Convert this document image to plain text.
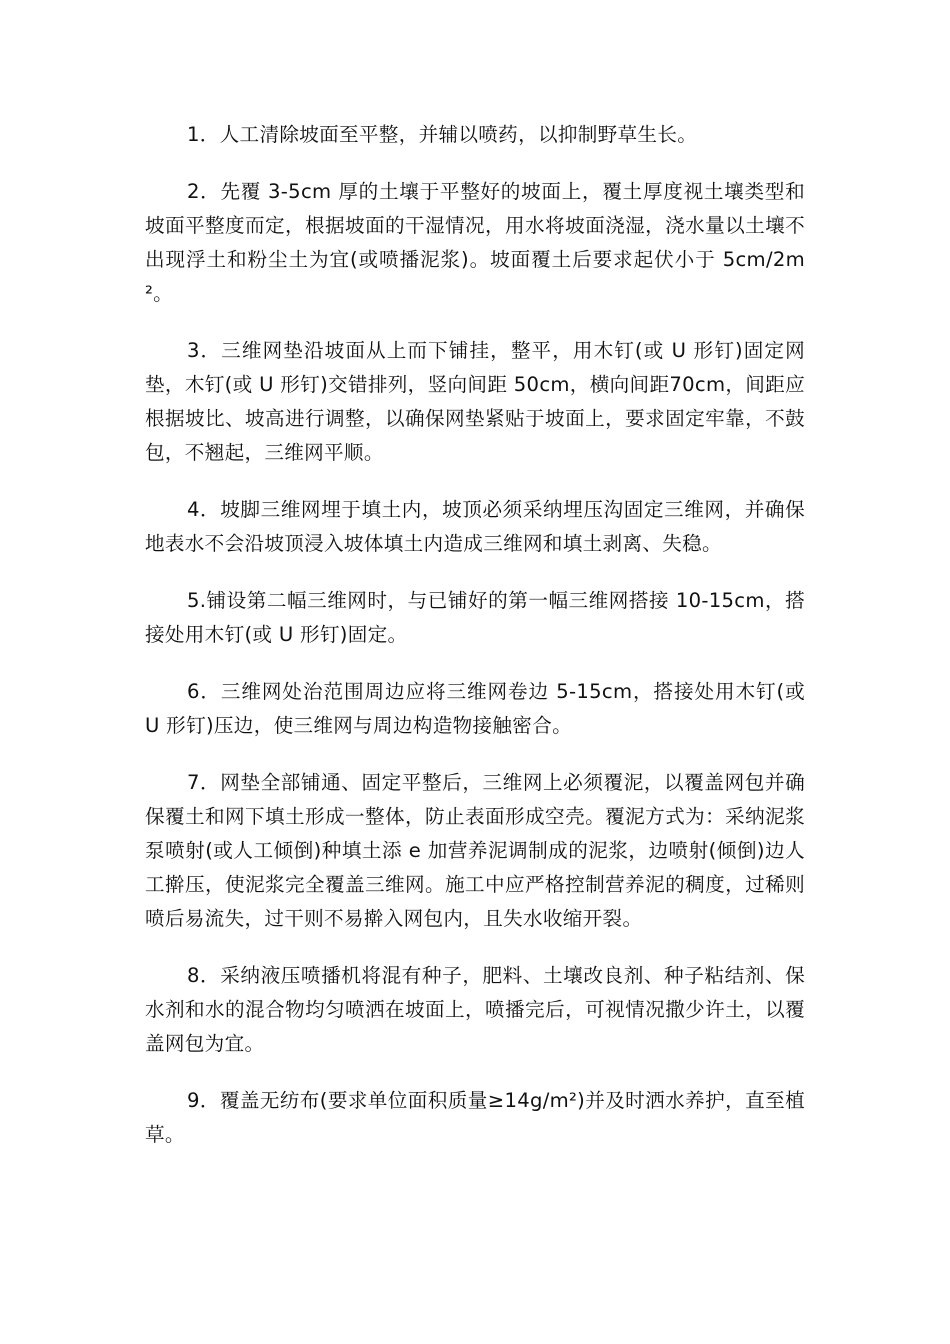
1．人工清除坡面至平整，并辅以喷药，以抑制野草生长。

2．先覆 3-5cm 厚的土壤于平整好的坡面上，覆土厚度视土壤类型和坡面平整度而定，根据坡面的干湿情况，用水将坡面浇湿，浇水量以土壤不出现浮土和粉尘土为宜(或喷播泥浆)。坡面覆土后要求起伏小于 5cm/2m²。

3．三维网垫沿坡面从上而下铺挂，整平，用木钉(或 U 形钉)固定网垫，木钉(或 U 形钉)交错排列，竖向间距 50cm，横向间距70cm，间距应根据坡比、坡高进行调整，以确保网垫紧贴于坡面上，要求固定牢靠，不鼓包，不翘起，三维网平顺。

4．坡脚三维网埋于填土内，坡顶必须采纳埋压沟固定三维网，并确保地表水不会沿坡顶浸入坡体填土内造成三维网和填土剥离、失稳。

5.铺设第二幅三维网时，与已铺好的第一幅三维网搭接 10-15cm，搭接处用木钉(或 U 形钉)固定。

6．三维网处治范围周边应将三维网卷边 5-15cm，搭接处用木钉(或 U 形钉)压边，使三维网与周边构造物接触密合。

7．网垫全部铺通、固定平整后，三维网上必须覆泥，以覆盖网包并确保覆土和网下填土形成一整体，防止表面形成空壳。覆泥方式为：采纳泥浆泵喷射(或人工倾倒)种填土添 e 加营养泥调制成的泥浆，边喷射(倾倒)边人工擀压，使泥浆完全覆盖三维网。施工中应严格控制营养泥的稠度，过稀则喷后易流失，过干则不易擀入网包内，且失水收缩开裂。

8．采纳液压喷播机将混有种子，肥料、土壤改良剂、种子粘结剂、保水剂和水的混合物均匀喷洒在坡面上，喷播完后，可视情况撒少许土，以覆盖网包为宜。

9．覆盖无纺布(要求单位面积质量≥14g/m²)并及时洒水养护，直至植草。
